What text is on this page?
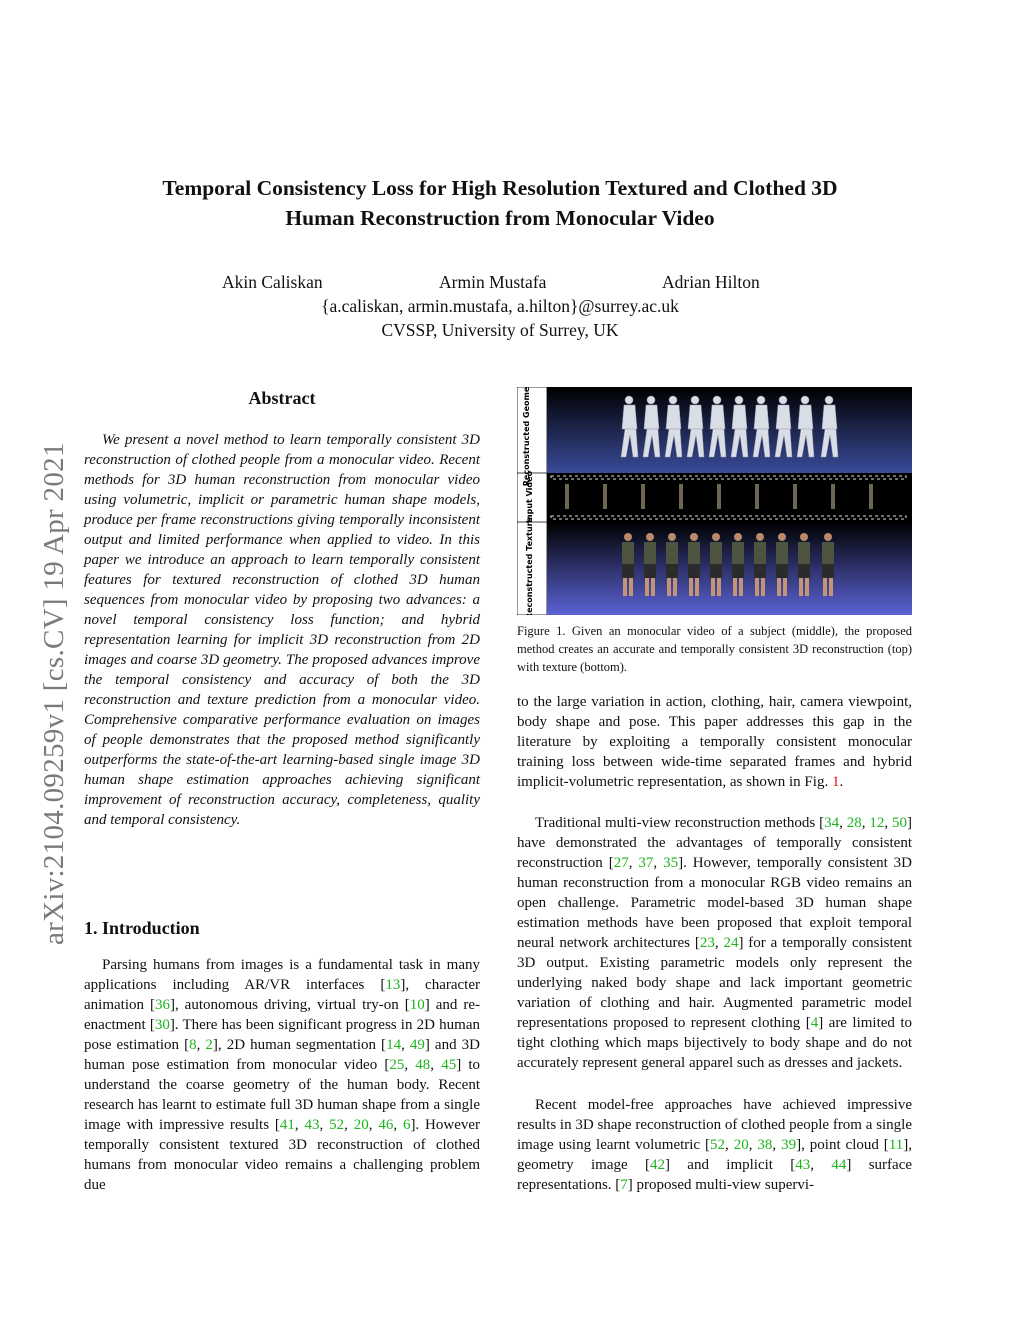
arXiv:2104.09259v1 [cs.CV] 19 Apr 2021
Temporal Consistency Loss for High Resolution Textured and Clothed 3D
Human Reconstruction from Monocular Video
Akin Caliskan	Armin Mustafa	Adrian Hilton
{a.caliskan, armin.mustafa, a.hilton}@surrey.ac.uk
CVSSP, University of Surrey, UK
Abstract

We present a novel method to learn temporally consistent 3D reconstruction of clothed people from a monocular video. Recent methods for 3D human reconstruction from monocular video using volumetric, implicit or parametric human shape models, produce per frame reconstructions giving temporally inconsistent output and limited performance when applied to video. In this paper we introduce an approach to learn temporally consistent features for textured reconstruction of clothed 3D human sequences from monocular video by proposing two advances: a novel temporal consistency loss function; and hybrid representation learning for implicit 3D reconstruction from 2D images and coarse 3D geometry. The proposed advances improve the temporal consistency and accuracy of both the 3D reconstruction and texture prediction from a monocular video. Comprehensive comparative performance evaluation on images of people demonstrates that the proposed method significantly outperforms the state-of-the-art learning-based single image 3D human shape estimation approaches achieving significant improvement of reconstruction accuracy, completeness, quality and temporal consistency.

1. Introduction

Parsing humans from images is a fundamental task in many applications including AR/VR interfaces [13], character animation [36], autonomous driving, virtual try-on [10] and re-enactment [30]. There has been significant progress in 2D human pose estimation [8, 2], 2D human segmentation [14, 49] and 3D human pose estimation from monocular video [25, 48, 45] to understand the coarse geometry of the human body. Recent research has learnt to estimate full 3D human shape from a single image with impressive results [41, 43, 52, 20, 46, 6]. However temporally consistent textured 3D reconstruction of clothed humans from monocular video remains a challenging problem due

Reconstructed Geometry
Input Video
Reconstructed Texture
Figure 1. Given an monocular video of a subject (middle), the proposed method creates an accurate and temporally consistent 3D reconstruction (top) with texture (bottom).

to the large variation in action, clothing, hair, camera viewpoint, body shape and pose. This paper addresses this gap in the literature by exploiting a temporally consistent monocular training loss between wide-time separated frames and hybrid implicit-volumetric representation, as shown in Fig. 1.

Traditional multi-view reconstruction methods [34, 28, 12, 50] have demonstrated the advantages of temporally consistent reconstruction [27, 37, 35]. However, temporally consistent 3D human reconstruction from a monocular RGB video remains an open challenge. Parametric model-based 3D human shape estimation methods have been proposed that exploit temporal neural network architectures [23, 24] for a temporally consistent 3D output. Existing parametric models only represent the underlying naked body shape and lack important geometric variation of clothing and hair. Augmented parametric model representations proposed to represent clothing [4] are limited to tight clothing which maps bijectively to body shape and do not accurately represent general apparel such as dresses and jackets.

Recent model-free approaches have achieved impressive results in 3D shape reconstruction of clothed people from a single image using learnt volumetric [52, 20, 38, 39], point cloud [11], geometry image [42] and implicit [43, 44] surface representations. [7] proposed multi-view supervi-
